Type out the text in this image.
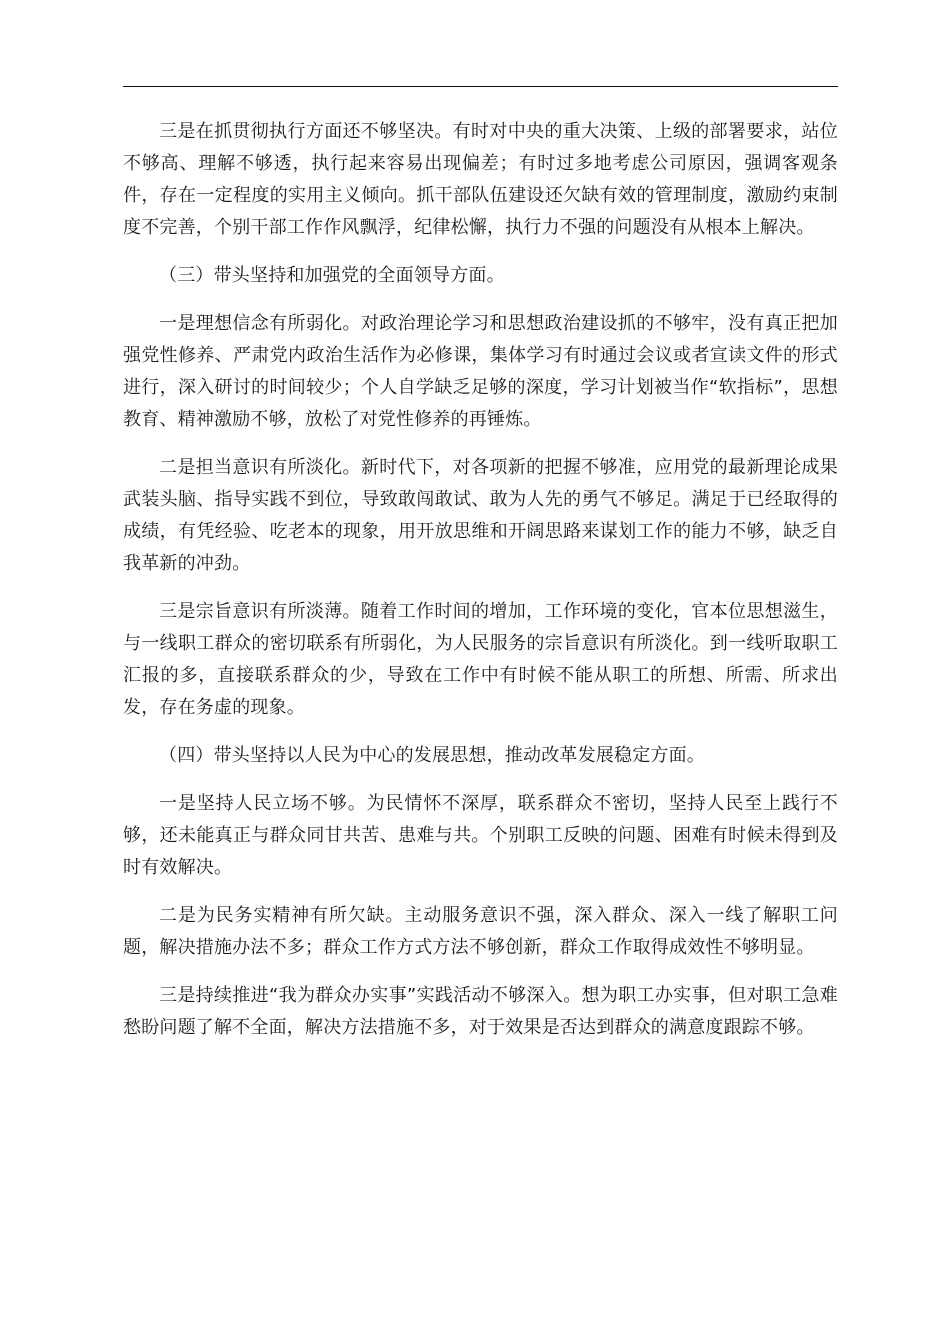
三是在抓贯彻执行方面还不够坚决。有时对中央的重大决策、上级的部署要求，站位不够高、理解不够透，执行起来容易出现偏差；有时过多地考虑公司原因，强调客观条件，存在一定程度的实用主义倾向。抓干部队伍建设还欠缺有效的管理制度，激励约束制度不完善，个别干部工作作风飘浮，纪律松懈，执行力不强的问题没有从根本上解决。

（三）带头坚持和加强党的全面领导方面。

一是理想信念有所弱化。对政治理论学习和思想政治建设抓的不够牢，没有真正把加强党性修养、严肃党内政治生活作为必修课，集体学习有时通过会议或者宣读文件的形式进行，深入研讨的时间较少；个人自学缺乏足够的深度，学习计划被当作“软指标”，思想教育、精神激励不够，放松了对党性修养的再锤炼。

二是担当意识有所淡化。新时代下，对各项新的把握不够准，应用党的最新理论成果武装头脑、指导实践不到位，导致敢闯敢试、敢为人先的勇气不够足。满足于已经取得的成绩，有凭经验、吃老本的现象，用开放思维和开阔思路来谋划工作的能力不够，缺乏自我革新的冲劲。

三是宗旨意识有所淡薄。随着工作时间的增加，工作环境的变化，官本位思想滋生，与一线职工群众的密切联系有所弱化，为人民服务的宗旨意识有所淡化。到一线听取职工汇报的多，直接联系群众的少，导致在工作中有时候不能从职工的所想、所需、所求出发，存在务虚的现象。

（四）带头坚持以人民为中心的发展思想，推动改革发展稳定方面。

一是坚持人民立场不够。为民情怀不深厚，联系群众不密切，坚持人民至上践行不够，还未能真正与群众同甘共苦、患难与共。个别职工反映的问题、困难有时候未得到及时有效解决。

二是为民务实精神有所欠缺。主动服务意识不强，深入群众、深入一线了解职工问题，解决措施办法不多；群众工作方式方法不够创新，群众工作取得成效性不够明显。

三是持续推进“我为群众办实事”实践活动不够深入。想为职工办实事，但对职工急难愁盼问题了解不全面，解决方法措施不多，对于效果是否达到群众的满意度跟踪不够。
